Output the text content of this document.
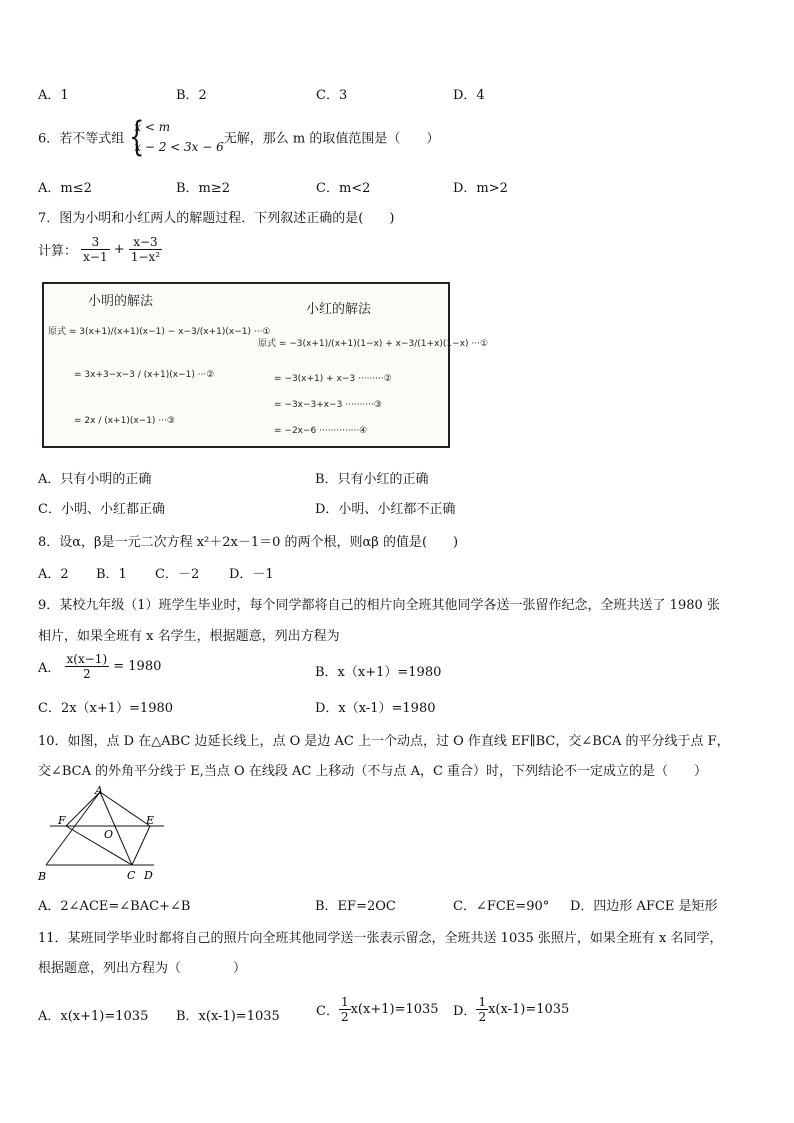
A．1	B．2	C．3	D．4
6．若不等式组 {
x < m
x − 2 < 3x − 6
无解，那么 m 的取值范围是（　　）
A．m≤2	B．m≥2	C．m<2	D．m>2
7．图为小明和小红两人的解题过程．下列叙述正确的是(　　)
计算： $\frac{3}{x-1} + \frac{x-3}{\text{1−x²}}$
小明的解法
小红的解法
原式 = 3(x+1)/(x+1)(x−1) − x−3/(x+1)(x−1) ···①
= 3x+3−x−3 / (x+1)(x−1) ···②
= 2x / (x+1)(x−1) ···③
原式 = −3(x+1)/(x+1)(1−x) + x−3/(1+x)(1−x) ···①
= −3(x+1) + x−3 ·········②
= −3x−3+x−3 ··········③
= −2x−6 ··············④
A．只有小明的正确	B．只有小红的正确
C．小明、小红都正确	D．小明、小红都不正确
8．设α，β是一元二次方程 x²＋2x－1＝0 的两个根，则αβ 的值是(　　)
A．2 B．1 C．－2 D．－1
9．某校九年级（1）班学生毕业时，每个同学都将自己的相片向全班其他同学各送一张留作纪念，全班共送了 1980 张
相片，如果全班有 x 名学生，根据题意，列出方程为
A． $\frac{x(x-1)}{2} = 1980$	B．x（x+1）=1980
C．2x（x+1）=1980	D．x（x-1）=1980
10．如图，点 D 在△ABC 边延长线上，点 O 是边 AC 上一个动点，过 O 作直线 EF∥BC，交∠BCA 的平分线于点 F，
交∠BCA 的外角平分线于 E,当点 O 在线段 AC 上移动（不与点 A，C 重合）时，下列结论不一定成立的是（　　）
A
F	E
O
B	C D
A．2∠ACE=∠BAC+∠B	B．EF=2OC	C．∠FCE=90° D．四边形 AFCE 是矩形
11．某班同学毕业时都将自己的照片向全班其他同学送一张表示留念，全班共送 1035 张照片，如果全班有 x 名同学，
根据题意，列出方程为（　　　　）
A．x(x+1)=1035 B．x(x-1)=1035	C． $\frac{1}{2} x(x+1)=1035$ D． $\frac{1}{2} x(x-1)=1035$
